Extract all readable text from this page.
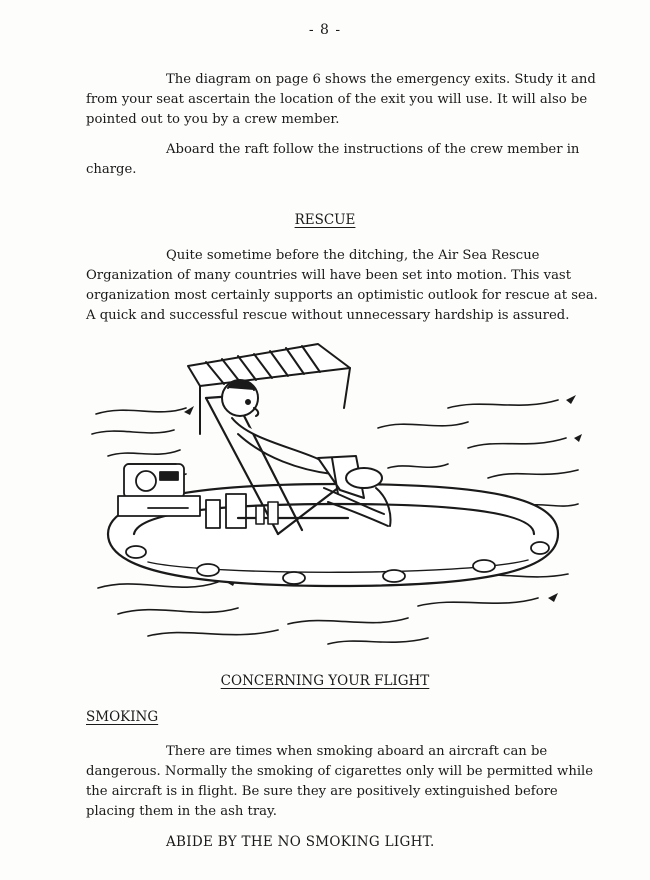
- 8 -

The diagram on page 6 shows the emergency exits. Study it and from your seat ascertain the location of the exit you will use. It will also be pointed out to you by a crew member.

Aboard the raft follow the instructions of the crew member in charge.

RESCUE

Quite sometime before the ditching, the Air Sea Rescue Organization of many countries will have been set into motion. This vast organization most certainly supports an optimistic outlook for rescue at sea. A quick and successful rescue without unnecessary hardship is assured.

CONCERNING YOUR FLIGHT
SMOKING

There are times when smoking aboard an aircraft can be dangerous. Normally the smoking of cigarettes only will be permitted while the aircraft is in flight. Be sure they are positively extinguished before placing them in the ash tray.

ABIDE BY THE NO SMOKING LIGHT.
